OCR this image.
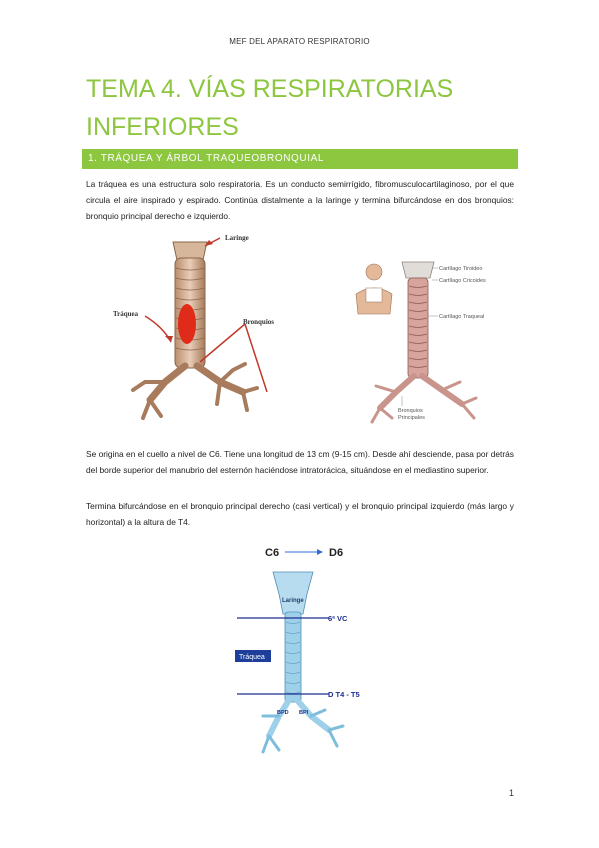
MEF DEL APARATO RESPIRATORIO
TEMA 4. VÍAS RESPIRATORIAS
INFERIORES
1. TRÁQUEA Y ÁRBOL TRAQUEOBRONQUIAL
La tráquea es una estructura solo respiratoria. Es un conducto semirrígido, fibromusculocartilaginoso, por el que circula el aire inspirado y espirado. Continúa distalmente a la laringe y termina bifurcándose en dos bronquios: bronquio principal derecho e izquierdo.
Laringe
Tráquea
Bronquios
Cartílago Tiroideo
Cartílago Cricoides
Cartílago Traqueal
Bronquios
Principales
Se origina en el cuello a nivel de C6. Tiene una longitud de 13 cm (9-15 cm). Desde ahí desciende, pasa por detrás del borde superior del manubrio del esternón haciéndose intratorácica, situándose en el mediastino superior.
Termina bifurcándose en el bronquio principal derecho (casi vertical) y el bronquio principal izquierdo (más largo y horizontal) a la altura de T4.
C6	D6
Laringe
6ª VC
D T4 - T5
Tráquea
BPD BPI
1
